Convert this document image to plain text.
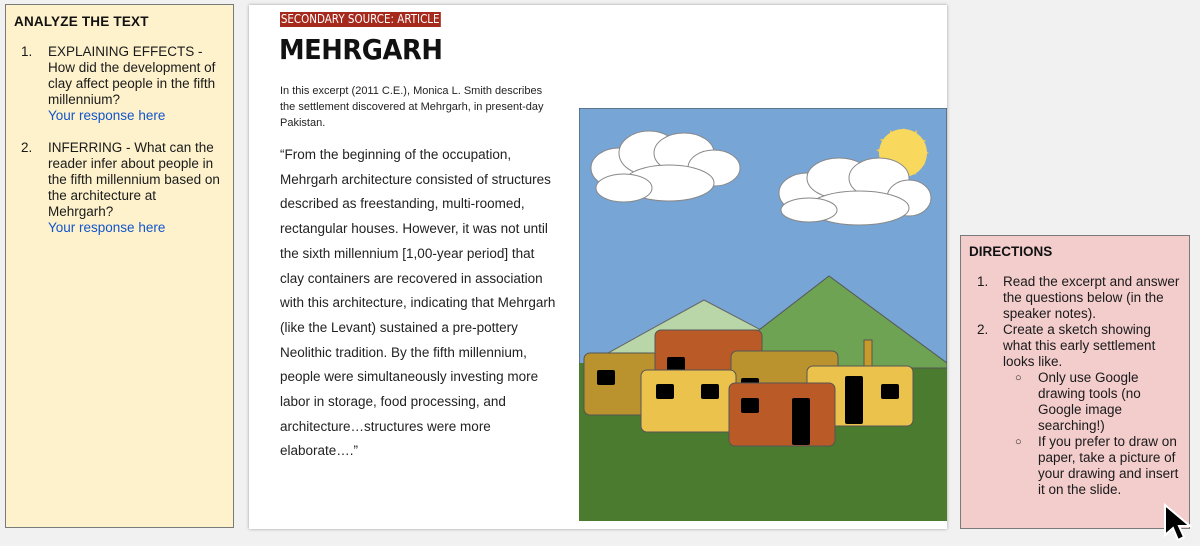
ANALYZE THE TEXT
1.	EXPLAINING EFFECTS - How did the development of clay affect people in the fifth millennium?
Your response here
2.	INFERRING - What can the reader infer about people in the fifth millennium based on the architecture at Mehrgarh?
Your response here
SECONDARY SOURCE: ARTICLE
MEHRGARH

In this excerpt (2011 C.E.), Monica L. Smith describes the settlement discovered at Mehrgarh, in present-day Pakistan.

“From the beginning of the occupation, Mehrgarh architecture consisted of structures described as freestanding, multi-roomed, rectangular houses. However, it was not until the sixth millennium [1,00-year period] that clay containers are recovered in association with this architecture, indicating that Mehrgarh (like the Levant) sustained a pre-pottery Neolithic tradition. By the fifth millennium, people were simultaneously investing more labor in storage, food processing, and architecture…structures were more elaborate….”

DIRECTIONS
1.	Read the excerpt and answer the questions below (in the speaker notes).
2.	Create a sketch showing what this early settlement looks like.
○	Only use Google drawing tools (no Google image searching!)
○	If you prefer to draw on paper, take a picture of your drawing and insert it on the slide.
